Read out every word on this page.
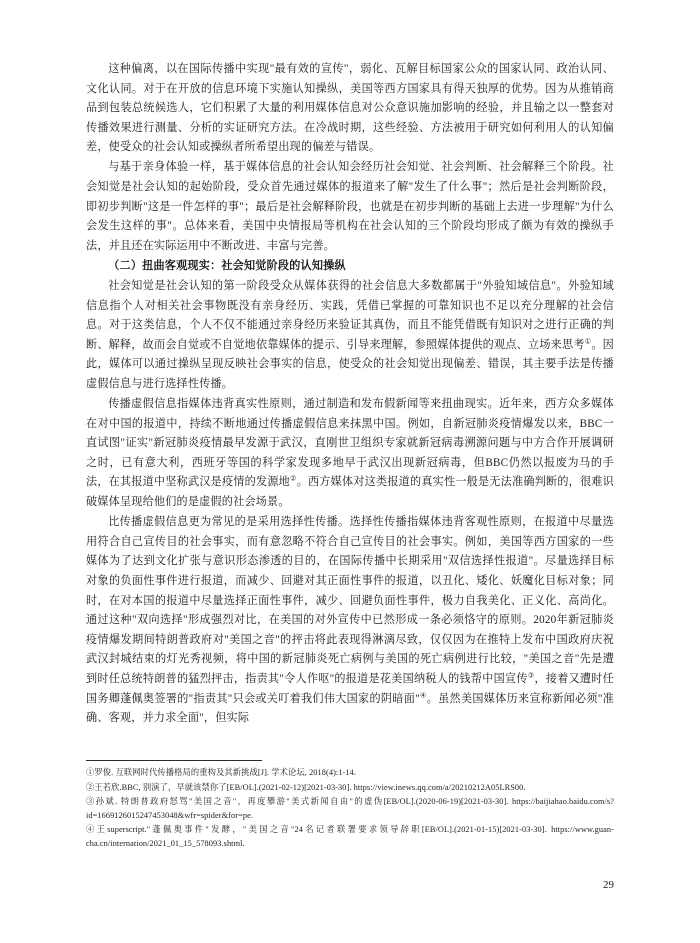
这种偏离，以在国际传播中实现"最有效的宣传"，弱化、瓦解目标国家公众的国家认同、政治认同、文化认同。对于在开放的信息环境下实施认知操纵，美国等西方国家具有得天独厚的优势。因为从推销商品到包装总统候选人，它们积累了大量的利用媒体信息对公众意识施加影响的经验，并且输之以一整套对传播效果进行测量、分析的实证研究方法。在冷战时期，这些经验、方法被用于研究如何利用人的认知偏差，使受众的社会认知或操纵者所希望出现的偏差与错误。

与基于亲身体验一样，基于媒体信息的社会认知会经历社会知觉、社会判断、社会解释三个阶段。社会知觉是社会认知的起始阶段，受众首先通过媒体的报道来了解"发生了什么事"；然后是社会判断阶段，即初步判断"这是一件怎样的事"；最后是社会解释阶段，也就是在初步判断的基础上去进一步理解"为什么会发生这样的事"。总体来看，美国中央情报局等机构在社会认知的三个阶段均形成了颇为有效的操纵手法，并且还在实际运用中不断改进、丰富与完善。

（二）扭曲客观现实：社会知觉阶段的认知操纵

社会知觉是社会认知的第一阶段受众从媒体获得的社会信息大多数都属于"外验知域信息"。外验知域信息指个人对相关社会事物既没有亲身经历、实践，凭借已掌握的可靠知识也不足以充分理解的社会信息。对于这类信息，个人不仅不能通过亲身经历来验证其真伪，而且不能凭借既有知识对之进行正确的判断、解释，故而会自觉或不自觉地依靠媒体的提示、引导来理解，参照媒体提供的观点、立场来思考①。因此，媒体可以通过操纵呈现反映社会事实的信息，使受众的社会知觉出现偏差、错误，其主要手法是传播虚假信息与进行选择性传播。

传播虚假信息指媒体违背真实性原则，通过制造和发布假新闻等来扭曲现实。近年来，西方众多媒体在对中国的报道中，持续不断地通过传播虚假信息来抹黑中国。例如，自新冠肺炎疫情爆发以来，BBC一直试图"证实"新冠肺炎疫情最早发源于武汉，直刚世卫组织专家就新冠病毒溯源问题与中方合作开展调研之时，已有意大利，西班牙等国的科学家发现多地早于武汉出现新冠病毒，但BBC仍然以报废为马的手法，在其报道中坚称武汉是疫情的发源地②。西方媒体对这类报道的真实性一般是无法准确判断的，很难识破媒体呈现给他们的是虚假的社会场景。

比传播虚假信息更为常见的是采用选择性传播。选择性传播指媒体违背客观性原则，在报道中尽量选用符合自己宣传目的社会事实，而有意忽略不符合自己宣传目的社会事实。例如，美国等西方国家的一些媒体为了达到文化扩张与意识形态渗透的目的，在国际传播中长期采用"双信选择性报道"。尽量选择目标对象的负面性事件进行报道，而减少、回避对其正面性事件的报道，以丑化、矮化、妖魔化目标对象；同时，在对本国的报道中尽量选择正面性事件，减少、回避负面性事件，极力自我美化、正义化、高尚化。通过这种"双向选择"形成强烈对比，在美国的对外宣传中已然形成一条必须恪守的原则。2020年新冠肺炎疫情爆发期间特朗普政府对"美国之音"的抨击将此表现得淋漓尽致，仅仅因为在推特上发布中国政府庆祝武汉封城结束的灯光秀视频，将中国的新冠肺炎死亡病例与美国的死亡病例进行比较，"美国之音"先是遭到时任总统特朗普的猛烈抨击，指责其"令人作呕"的报道是花美国纳税人的钱帮中国宣传③，接着又遭时任国务卿蓬佩奥签署的"指责其"只会或关叮着我们伟大国家的阴暗面"④。虽然美国媒体历来宣称新闻必须"准确、客观，并力求全面"，但实际

①罗俊. 互联网时代传播格局的重构及其新挑战[J]. 学术论坛, 2018(4):1-14.

②王若欣.BBC, 别演了，早就该禁你了[EB/OL].(2021-02-12)[2021-03-30]. https://view.inews.qq.com/a/20210212A05LRS00.

③孙斌. 特朗普政府怒骂"美国之音"，再度攀游"美式新闻自由"的虚伪[EB/OL].(2020-06-19)[2021-03-30]. https://baijiahao.baidu.com/s?id=1669126015247453048&wfr=spider&for=pe.

④王superscript."蓬佩奥事件"发酵，"美国之音"24名记者联署要求领导辞职[EB/OL].(2021-01-15)[2021-03-30]. https://www.guan-cha.cn/internation/2021_01_15_578093.shtml.

29
